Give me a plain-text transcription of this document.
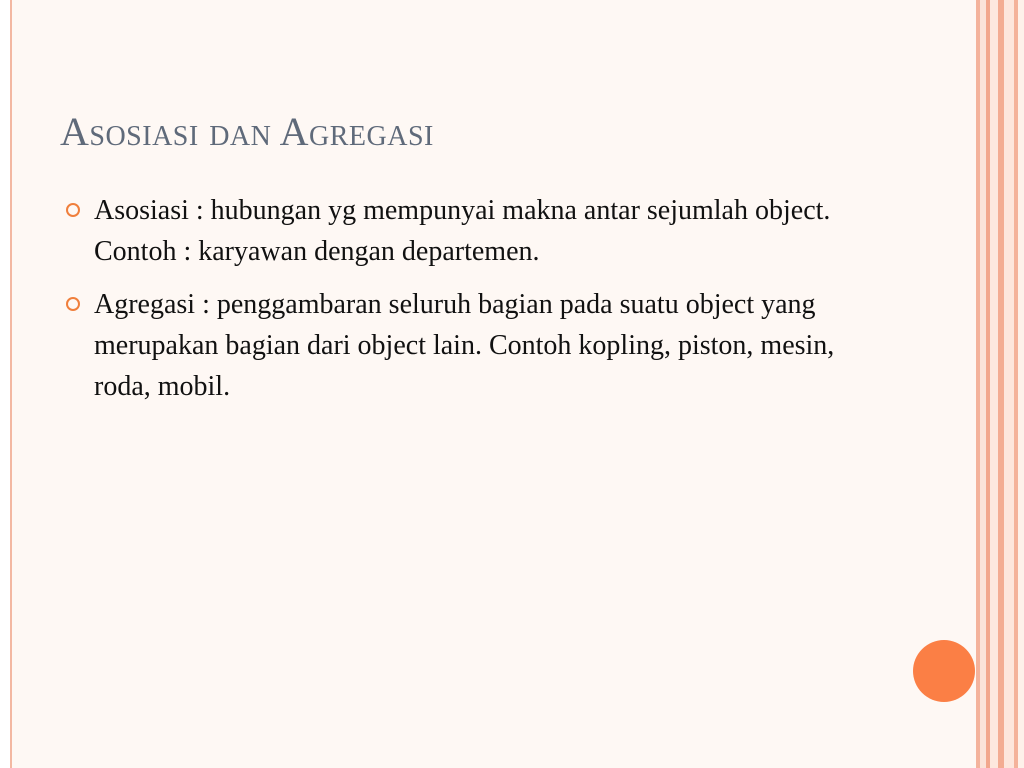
Asosiasi dan Agregasi
Asosiasi : hubungan yg mempunyai makna antar sejumlah object. Contoh : karyawan dengan departemen.
Agregasi : penggambaran seluruh bagian pada suatu object yang merupakan bagian dari object lain. Contoh kopling, piston, mesin, roda, mobil.
